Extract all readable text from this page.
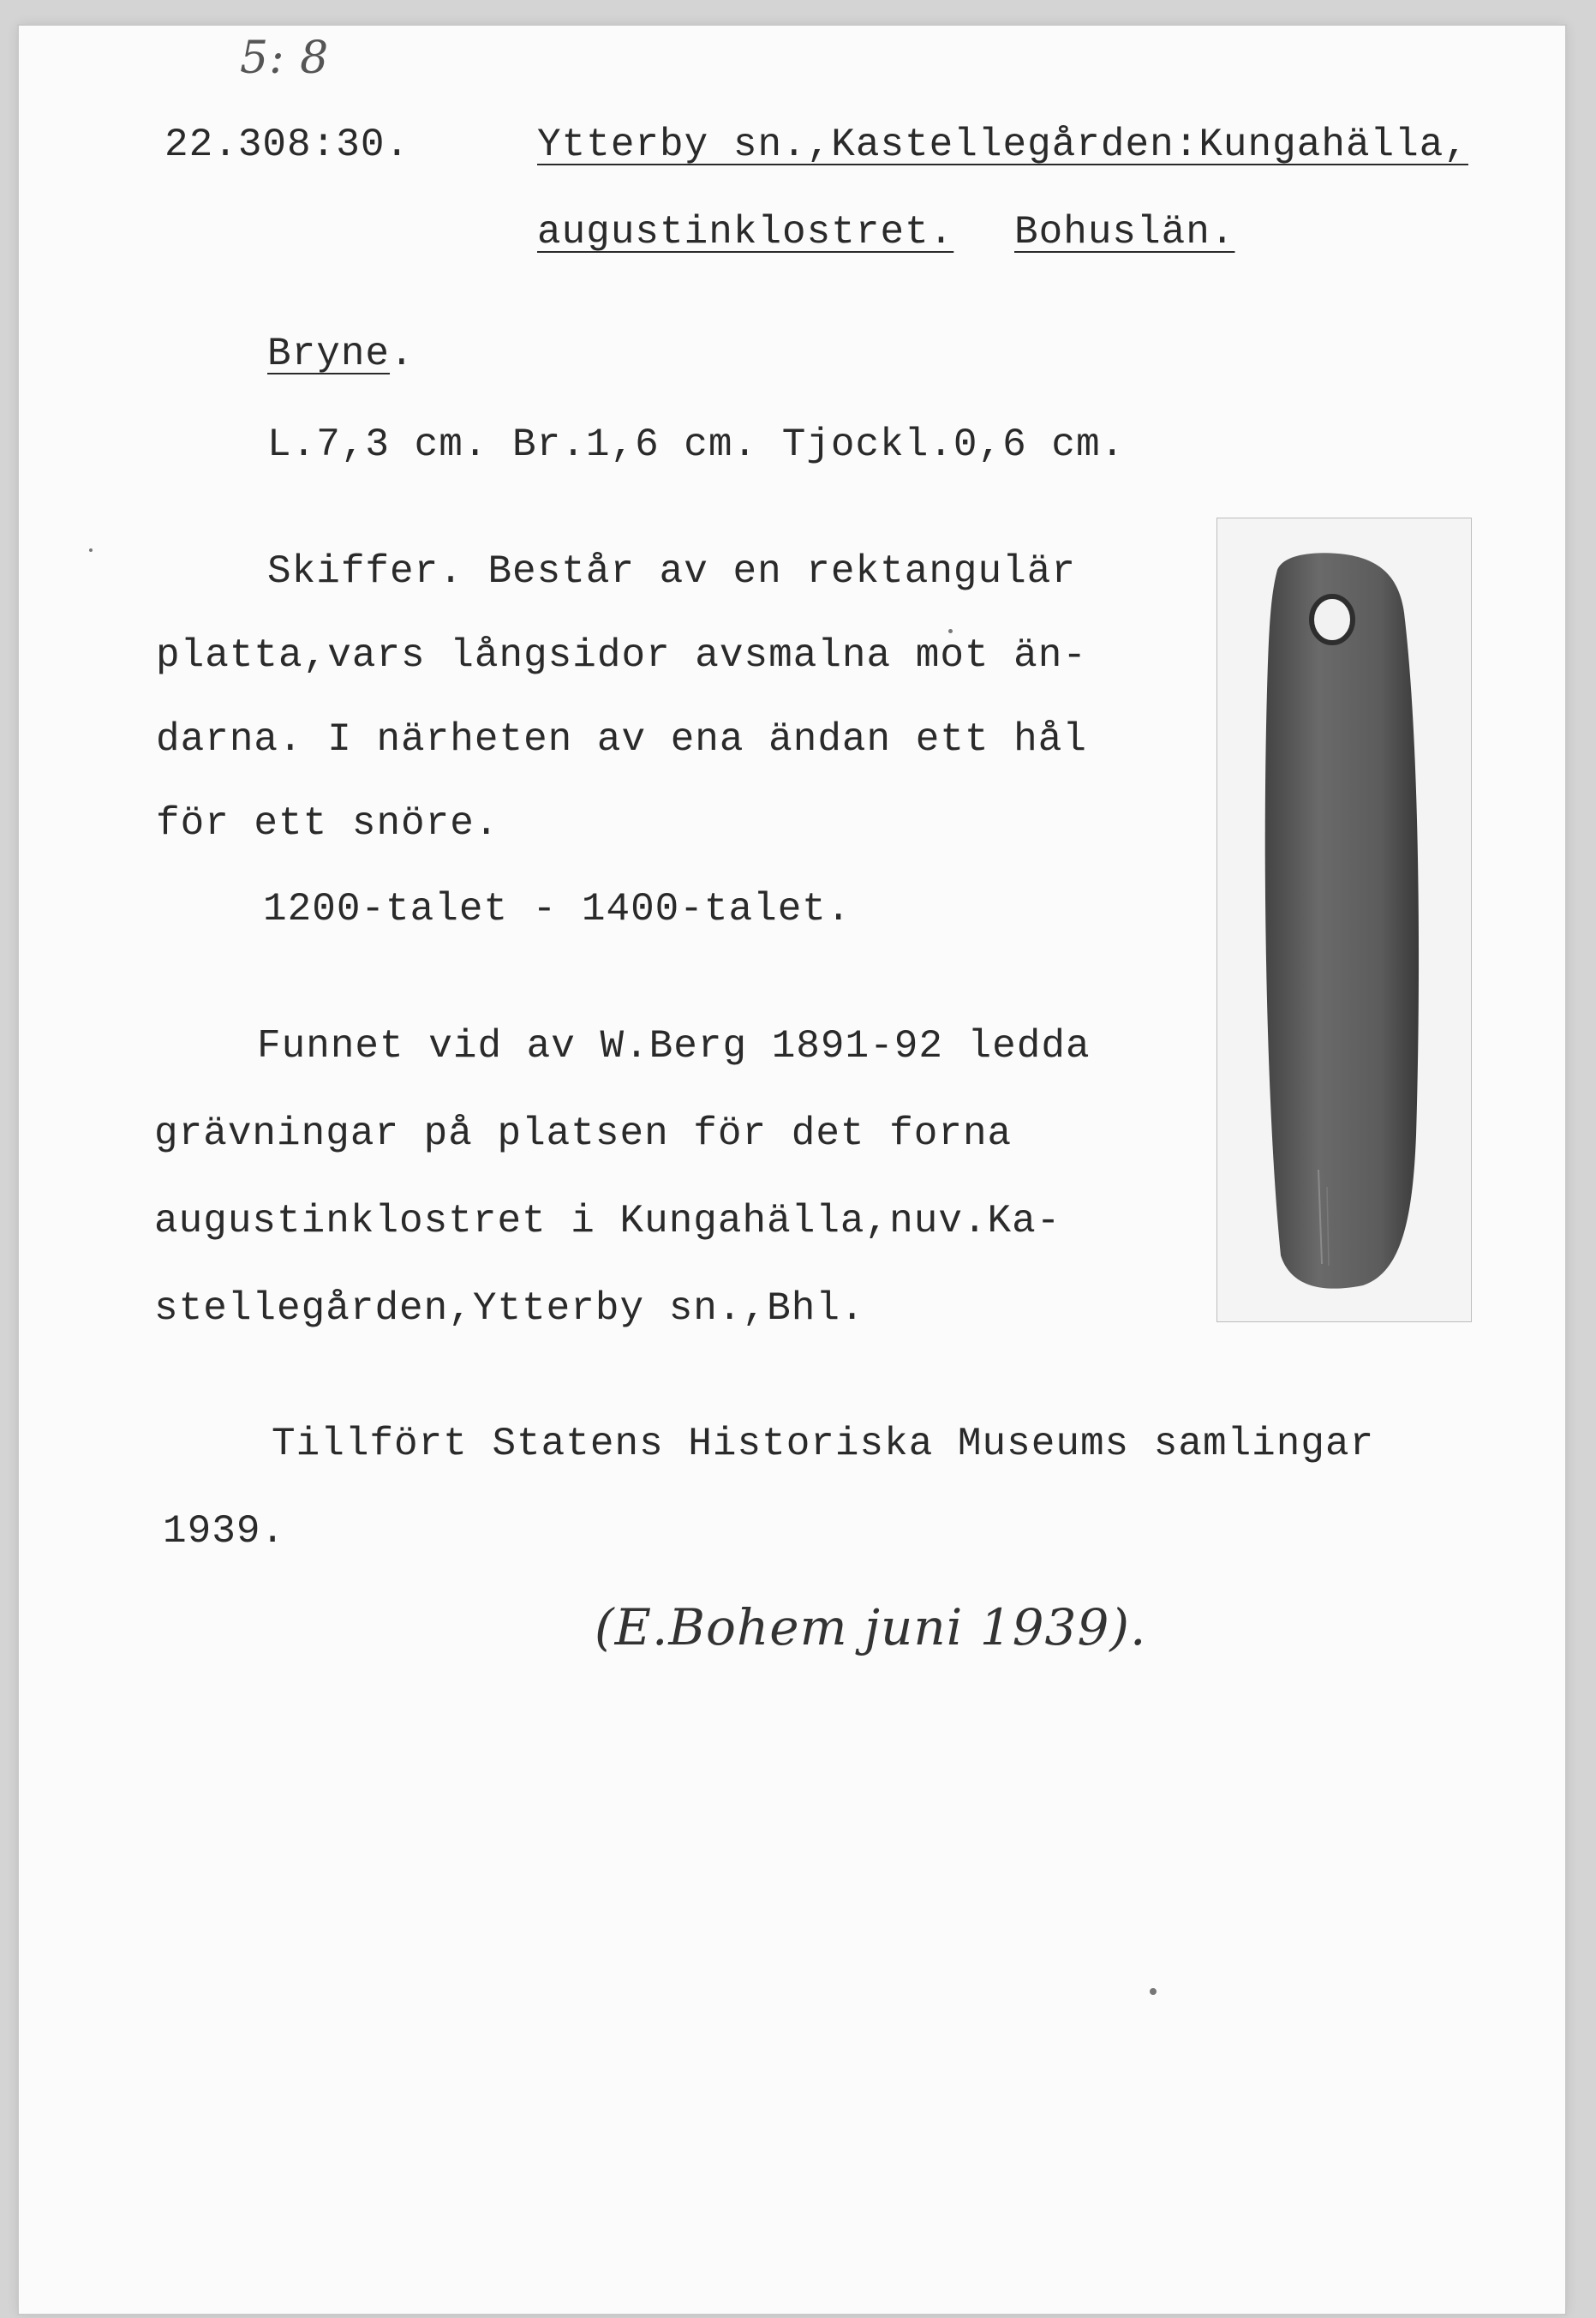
5: 8
22.308:30.	Ytterby sn.,Kastellegården:Kungahälla,
augustinklostret. Bohuslän.
Bryne.
L.7,3 cm. Br.1,6 cm. Tjockl.0,6 cm.
Skiffer. Består av en rektangulär
platta,vars långsidor avsmalna mot än-
darna. I närheten av ena ändan ett hål
för ett snöre.
1200-talet - 1400-talet.
Funnet vid av W.Berg 1891-92 ledda
grävningar på platsen för det forna
augustinklostret i Kungahälla,nuv.Ka-
stellegården,Ytterby sn.,Bhl.
Tillfört Statens Historiska Museums samlingar
1939.
(E.Bohem juni 1939).
